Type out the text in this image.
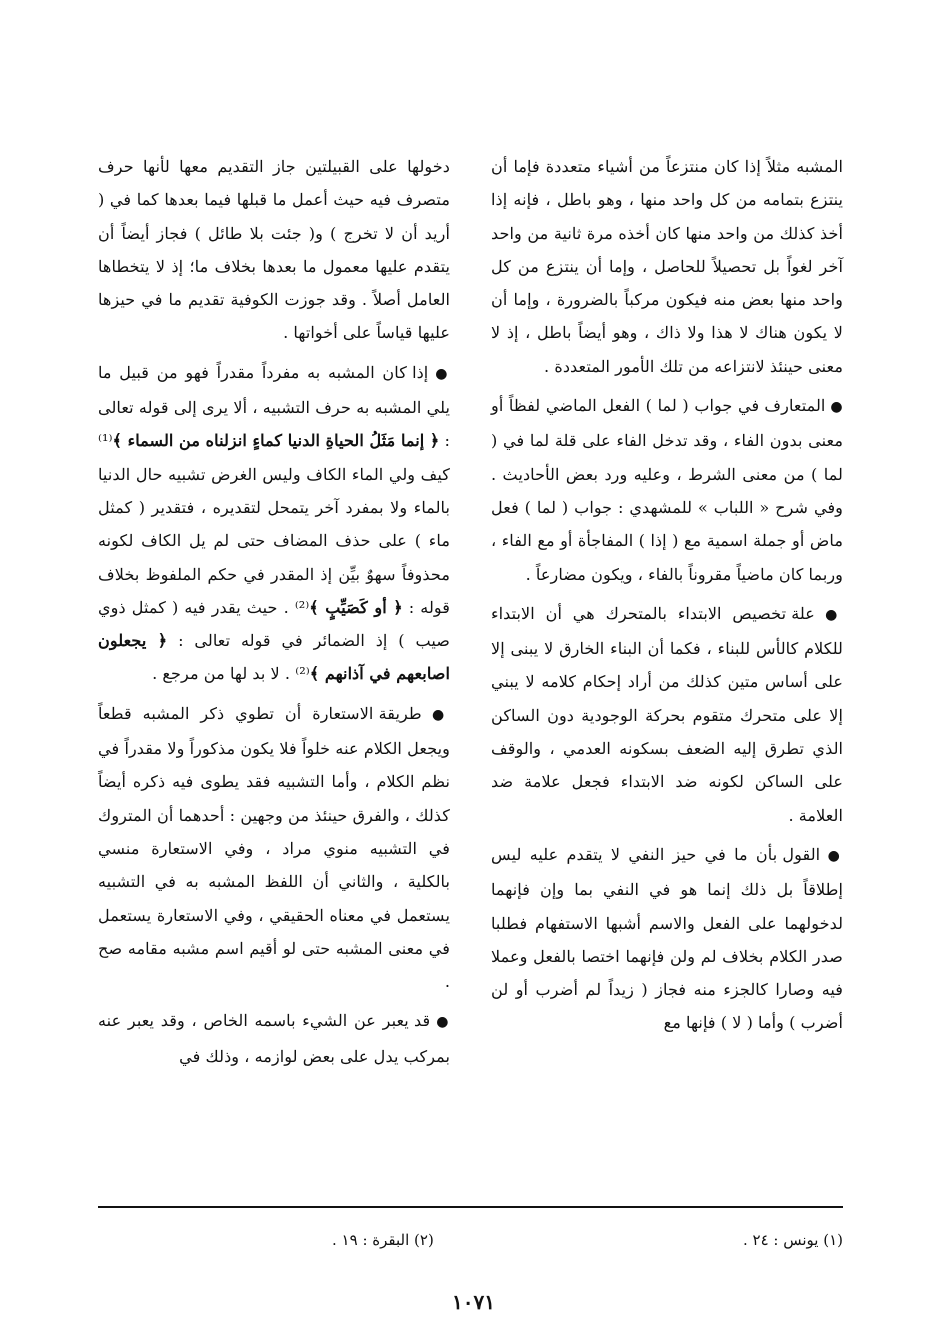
المشبه مثلاً إذا كان منتزعاً من أشياء متعددة فإما أن ينتزع بتمامه من كل واحد منها ، وهو باطل ، فإنه إذا أخذ كذلك من واحد منها كان أخذه مرة ثانية من واحد آخر لغواً بل تحصيلاً للحاصل ، وإما أن ينتزع من كل واحد منها بعض منه فيكون مركباً بالضرورة ، وإما أن لا يكون هناك لا هذا ولا ذاك ، وهو أيضاً باطل ، إذ لا معنى حينئذ لانتزاعه من تلك الأمور المتعددة .

● المتعارف في جواب ( لما ) الفعل الماضي لفظاً أو معنى بدون الفاء ، وقد تدخل الفاء على قلة لما في ( لما ) من معنى الشرط ، وعليه ورد بعض الأحاديث . وفي شرح « اللباب » للمشهدي : جواب ( لما ) فعل ماض أو جملة اسمية مع ( إذا ) المفاجأة أو مع الفاء ، وربما كان ماضياً مقروناً بالفاء ، ويكون مضارعاً .

● علة تخصيص الابتداء بالمتحرك هي أن الابتداء للكلام كالأس للبناء ، فكما أن البناء الخارق لا يبنى إلا على أساس متين كذلك من أراد إحكام كلامه لا يبني إلا على متحرك متقوم بحركة الوجودية دون الساكن الذي تطرق إليه الضعف بسكونه العدمي ، والوقف على الساكن لكونه ضد الابتداء فجعل علامة ضد العلامة .

● القول بأن ما في حيز النفي لا يتقدم عليه ليس إطلاقاً بل ذلك إنما هو في النفي بما وإن فإنهما لدخولهما على الفعل والاسم أشبها الاستفهام فطلبا صدر الكلام بخلاف لم ولن فإنهما اختصا بالفعل وعملا فيه وصارا كالجزء منه فجاز ( زيداً لم أضرب أو لن أضرب ) وأما ( لا ) فإنها مع

دخولها على القبيلتين جاز التقديم معها لأنها حرف متصرف فيه حيث أعمل ما قبلها فيما بعدها كما في ( أريد أن لا تخرج ) و( جئت بلا طائل ) فجاز أيضاً أن يتقدم عليها معمول ما بعدها بخلاف ما؛ إذ لا يتخطاها العامل أصلاً . وقد جوزت الكوفية تقديم ما في حيزها عليها قياساً على أخواتها .

● إذا كان المشبه به مفرداً مقدراً فهو من قبيل ما يلي المشبه به حرف التشبيه ، ألا يرى إلى قوله تعالى : ﴿ إنما مَثَلُ الحياةِ الدنيا كماءٍ انزلناه من السماء ﴾⁽¹⁾ كيف ولي الماء الكاف وليس الغرض تشبيه حال الدنيا بالماء ولا بمفرد آخر يتمحل لتقديره ، فتقدير ( كمثل ماء ) على حذف المضاف حتى لم يل الكاف لكونه محذوفاً سهوٌ بيِّن إذ المقدر في حكم الملفوظ بخلاف قوله : ﴿ أو كَصَيِّبٍ ﴾⁽²⁾ . حيث يقدر فيه ( كمثل ذوي صيب ) إذ الضمائر في قوله تعالى : ﴿ يجعلون اصابعهم في آذانهم ﴾⁽²⁾ . لا بد لها من مرجع .

● طريقة الاستعارة أن تطوي ذكر المشبه قطعاً ويجعل الكلام عنه خلواً فلا يكون مذكوراً ولا مقدراً في نظم الكلام ، وأما التشبيه فقد يطوى فيه ذكره أيضاً كذلك ، والفرق حينئذ من وجهين : أحدهما أن المتروك في التشبيه منوي مراد ، وفي الاستعارة منسي بالكلية ، والثاني أن اللفظ المشبه به في التشبيه يستعمل في معناه الحقيقي ، وفي الاستعارة يستعمل في معنى المشبه حتى لو أقيم اسم مشبه مقامه صح .

● قد يعبر عن الشيء باسمه الخاص ، وقد يعبر عنه بمركب يدل على بعض لوازمه ، وذلك في

(١) يونس : ٢٤ .
(٢) البقرة : ١٩ .
١٠٧١
